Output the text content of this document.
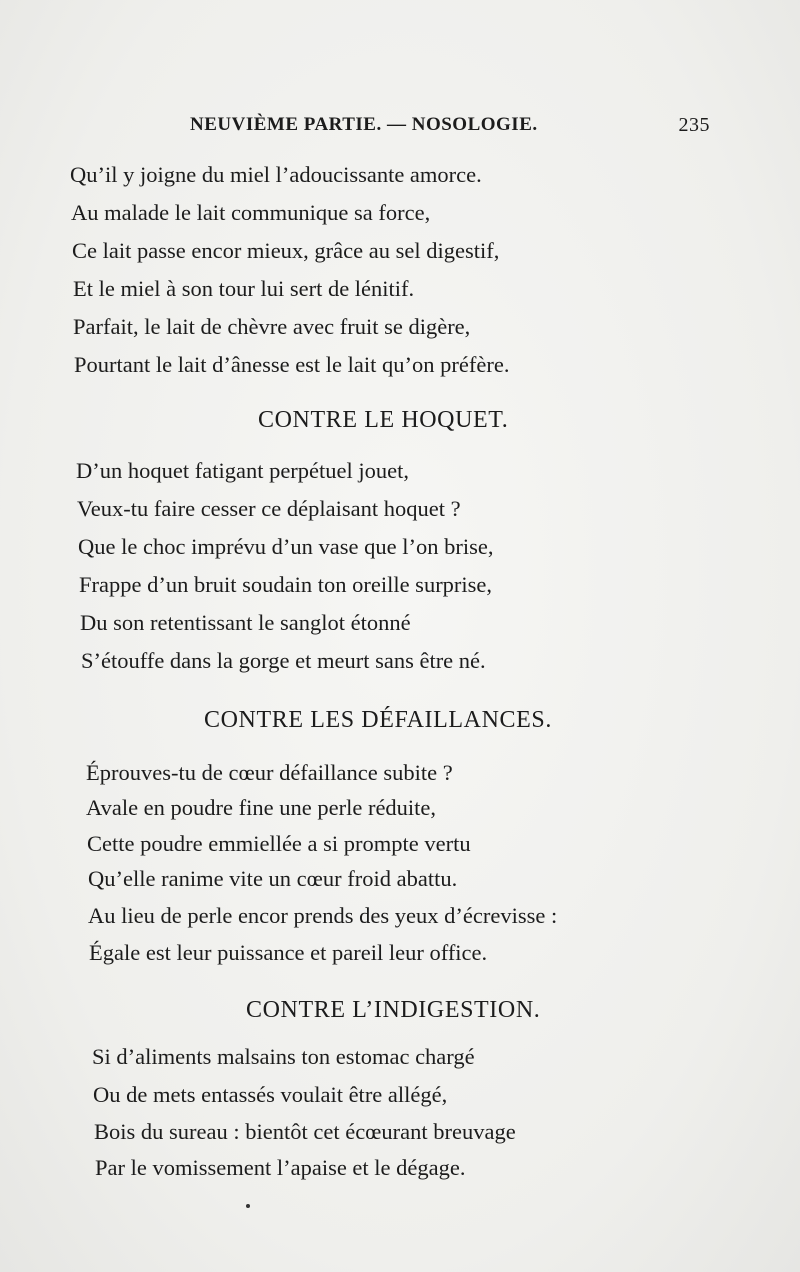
NEUVIÈME PARTIE. — NOSOLOGIE.	235
Qu’il y joigne du miel l’adoucissante amorce.
Au malade le lait communique sa force,
Ce lait passe encor mieux, grâce au sel digestif,
Et le miel à son tour lui sert de lénitif.
Parfait, le lait de chèvre avec fruit se digère,
Pourtant le lait d’ânesse est le lait qu’on préfère.
CONTRE LE HOQUET.
D’un hoquet fatigant perpétuel jouet,
Veux-tu faire cesser ce déplaisant hoquet ?
Que le choc imprévu d’un vase que l’on brise,
Frappe d’un bruit soudain ton oreille surprise,
Du son retentissant le sanglot étonné
S’étouffe dans la gorge et meurt sans être né.
CONTRE LES DÉFAILLANCES.
Éprouves-tu de cœur défaillance subite ?
Avale en poudre fine une perle réduite,
Cette poudre emmiellée a si prompte vertu
Qu’elle ranime vite un cœur froid abattu.
Au lieu de perle encor prends des yeux d’écrevisse :
Égale est leur puissance et pareil leur office.
CONTRE L’INDIGESTION.
Si d’aliments malsains ton estomac chargé
Ou de mets entassés voulait être allégé,
Bois du sureau : bientôt cet écœurant breuvage
Par le vomissement l’apaise et le dégage.
